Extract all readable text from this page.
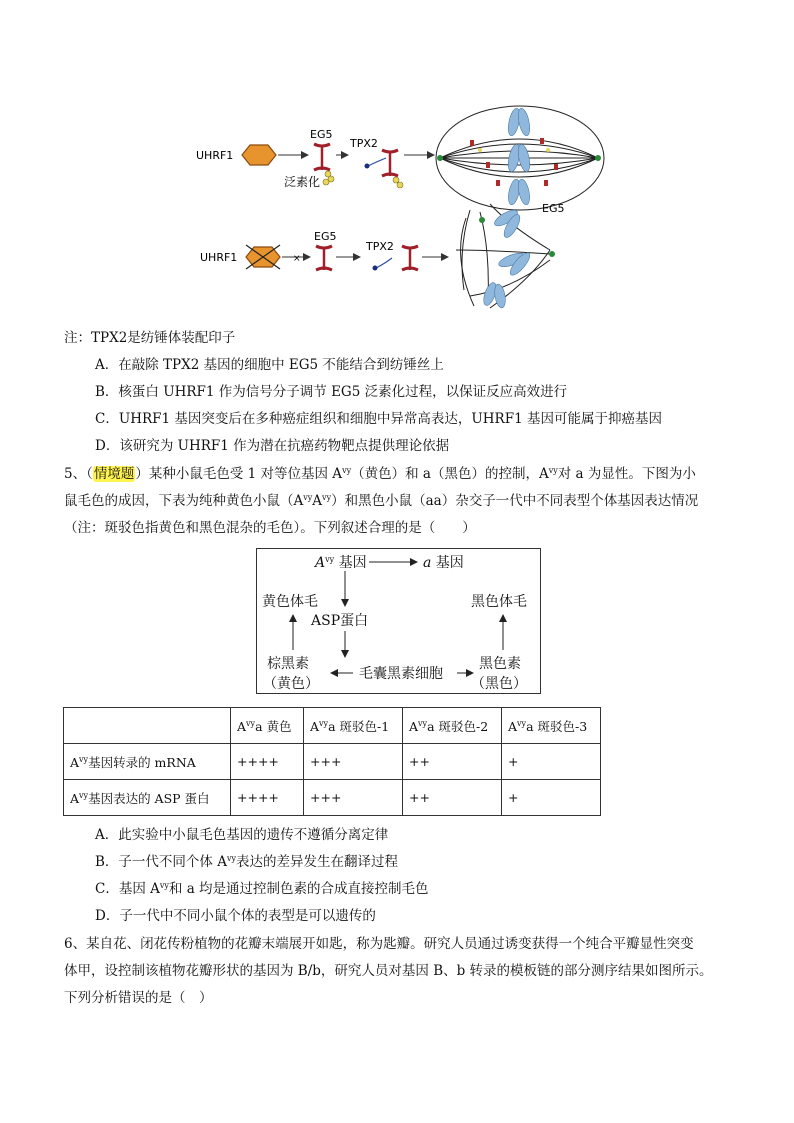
UHRF1
EG5
泛素化
TPX2
UHRF1	×
EG5
TPX2
EG5
注：TPX2是纺锤体装配印子
A．在敲除 TPX2 基因的细胞中 EG5 不能结合到纺锤丝上
B．核蛋白 UHRF1 作为信号分子调节 EG5 泛素化过程，以保证反应高效进行
C．UHRF1 基因突变后在多种癌症组织和细胞中异常高表达，UHRF1 基因可能属于抑癌基因
D．该研究为 UHRF1 作为潜在抗癌药物靶点提供理论依据
5、（情境题）某种小鼠毛色受 1 对等位基因 $A^{vy}$（黄色）和 a（黑色）的控制，$A^{vy}$对 a 为显性。下图为小
鼠毛色的成因，下表为纯种黄色小鼠$(A^{vy}A^{vy})$和黑色小鼠（aa）杂交子一代中不同表型个体基因表达情况
（注：斑驳色指黄色和黑色混杂的毛色）。下列叙述合理的是（　　）
$A^{vy}$ 基因	a 基因
黄色体毛	黑色体毛
ASP蛋白
棕黑素
（黄色）
毛囊黑素细胞
黑色素
（黑色）
	$A^{vy}a$ 黄色	$A^{vy}a$ 斑驳色-1	$A^{vy}a$ 斑驳色-2	$A^{vy}a$ 斑驳色-3
$A^{vy}$基因转录的 mRNA	++++	+++	++	+
$A^{vy}$基因表达的 ASP 蛋白	++++	+++	++	+
A．此实验中小鼠毛色基因的遗传不遵循分离定律
B．子一代不同个体 $A^{vy}$表达的差异发生在翻译过程
C．基因 $A^{vy}$和 a 均是通过控制色素的合成直接控制毛色
D．子一代中不同小鼠个体的表型是可以遗传的
6、某自花、闭花传粉植物的花瓣末端展开如匙，称为匙瓣。研究人员通过诱变获得一个纯合平瓣显性突变
体甲，设控制该植物花瓣形状的基因为 B/b，研究人员对基因 B、b 转录的模板链的部分测序结果如图所示。
下列分析错误的是（　）
